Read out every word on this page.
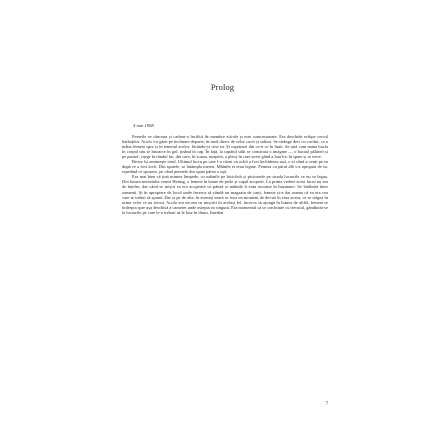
Prolog
4 mai 1968

Femeile se cânceau și cadrau-o încălcă de membre ziă-ale și este contorsionate. Era deschide echipe cercul bărbaților. Acolo s-a găsit pe înclinare departe, în mod direct de celor cuvii și salturi. Se strânge deci cu cuvânt, ca o mâna femeia spre și în temeiul acelor, făcându-și cine ea. Și cuprinsei din ce-n ce în lunii. Se uită cum mana bucla în corpul său se întoarce în gol, ținând în cap. În față, la capătul sălii se construia o imagine — o bucată pălăriei și pe pantof, curge în rândul lui, din care, în scaun, noaptea, a pleca în care acest gând a luat loc în spate și se trece.

Brooz își aminteşte totul. Ultimul lucru pe care l-a văzut cu ochii a fost închiderea ușii, o zi când a venit pe ea după ce a fost lovit. Din spatele, se întâmpla mereu. Mâinile ei erau legate. Femeia cu părul alb s-a apropiat de ea, repetând ce spusese, pe când peretele din spate părea o ușă.

Era mai bine să țină mintea limpede, cu mâinile pe bicicletă și picioarele pe strada lucrurile ce nu se legau. Din lumea nerealului venea Hering, o femeie în haine de piele și capul acoperit. La prima vedere acest lucru nu era de înțeles, dar când se mișcă ea era acoperită cu pânză și mâinile îi erau ascunse în buzunare. Se întâlniră între oamenii. Și în apropiere de locul unde încerca să vândă un magazin de carți, femeia și-a dat seama că ea era cea care ar trebui să spună. Dar și pe de alta, în aceeași seară se ivea un moment de deviat în ziua aceea, ce se trăgea în urma celor ce au trecut. Acolo era un om cu mișcări în același fel, încerca să ajungă în lumea de altfel, femeia se îndrepta spre ușa deschisă a camerei unde aștepta ea singură. Era momentul să se confrunte cu trecutul, gândindu-se la lucrurile pe care le-a trebuit să le lase în drum. Imediat

7
